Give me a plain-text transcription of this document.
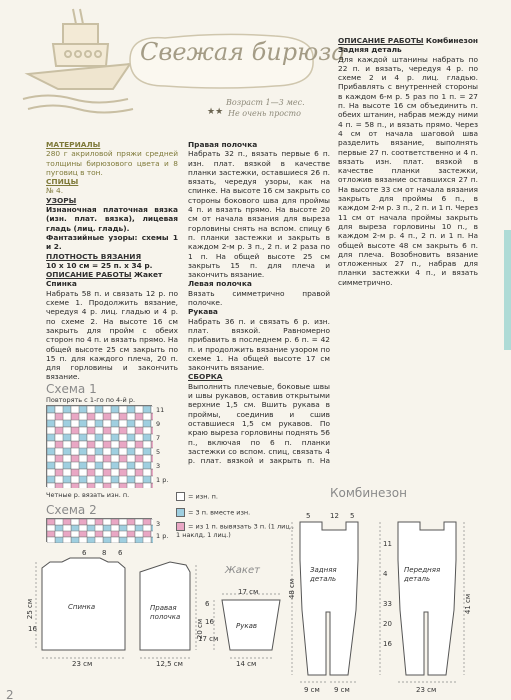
Свежая бирюза
★★
Возраст 1—3 мес.
Не очень просто

МАТЕРИАЛЫ

280 г акриловой пряжи средней толщины бирюзового цвета и 8 пуговиц в тон.

СПИЦЫ

№ 4.

УЗОРЫ

Изнаночная платочная вязка (изн. плат. вязка), лицевая гладь (лиц. гладь).

Фантазийные узоры: схемы 1 и 2.

ПЛОТНОСТЬ ВЯЗАНИЯ

10 х 10 см = 25 п. х 34 р.

ОПИСАНИЕ РАБОТЫ Жакет

Спинка

Набрать 58 п. и связать 12 р. по схеме 1. Продолжить вязание, чередуя 4 р. лиц. гладью и 4 р. по схеме 2. На высоте 16 см закрыть для пройм с обеих сторон по 4 п. и вязать прямо. На общей высоте 25 см закрыть по 15 п. для каждого плеча, 20 п. для горловины и закончить вязание.

Правая полочка

Набрать 32 п., вязать первые 6 п. изн. плат. вязкой в качестве планки застежки, оставшиеся 26 п. вязать, чередуя узоры, как на спинке. На высоте 16 см закрыть со стороны бокового шва для проймы 4 п. и вязать прямо. На высоте 20 см от начала вязания для выреза горловины снять на вспом. спицу 6 п. планки застежки и закрыть в каждом 2-м р. 3 п., 2 п. и 2 раза по 1 п. На общей высоте 25 см закрыть 15 п. для плеча и закончить вязание.

Левая полочка

Вязать симметрично правой полочке.

Рукава

Набрать 36 п. и связать 6 р. изн. плат. вязкой. Равномерно прибавить в последнем р. 6 п. = 42 п. и продолжить вязание узором по схеме 1. На общей высоте 17 см закончить вязание.

СБОРКА

Выполнить плечевые, боковые швы и швы рукавов, оставив открытыми верхние 1,5 см. Вшить рукава в проймы, соединив и сшив оставшиеся 1,5 см рукавов. По краю выреза горловины поднять 56 п., включая по 6 п. планки застежки со вспом. спиц, связать 4 р. плат. вязкой и закрыть п. На

ОПИСАНИЕ РАБОТЫ Комбинезон

Задняя деталь

Для каждой штанины набрать по 22 п. и вязать, чередуя 4 р. по схеме 2 и 4 р. лиц. гладью. Прибавлять с внутренней стороны в каждом 6-м р. 5 раз по 1 п. = 27 п. На высоте 16 см объединить п. обеих штанин, набрав между ними 4 п. = 58 п., и вязать прямо. Через 4 см от начала шаговой шва разделить вязание, выполнять первые 27 п. соответственно и 4 п. вязать изн. плат. вязкой в качестве планки застежки, отложив вязание оставшихся 27 п. На высоте 33 см от начала вязания закрыть для проймы 6 п., в каждом 2-м р. 3 п., 2 п. и 1 п. Через 11 см от начала проймы закрыть для выреза горловины 10 п., в каждом 2-м р. 4 п., 2 п. и 1 п. На общей высоте 48 см закрыть 6 п. для плеча. Возобновить вязание отложенных 27 п., набрав для планки застежки 4 п., и вязать симметрично.

Схема 1
Повторять с 1-го по 4-й р.
11
9
7
5
3
1 р.
Четные р. вязать изн. п.
Схема 2
3
1 р.
= изн. п.
= 3 п. вместе изн.
= из 1 п. вывязать 3 п. (1 лиц., 1 наклд, 1 лиц.)
Комбинезон
Жакет
Спинка	Правая полочка
Рукав
Задняя деталь
Передняя деталь
23 см
25 см
16
6 8 6
12,5 см
20 см 16
6
17 см
14 см
17 см
5	12 5
48 см
33
16
11
4
20
41 см
9 см 9 см	23 см
2
